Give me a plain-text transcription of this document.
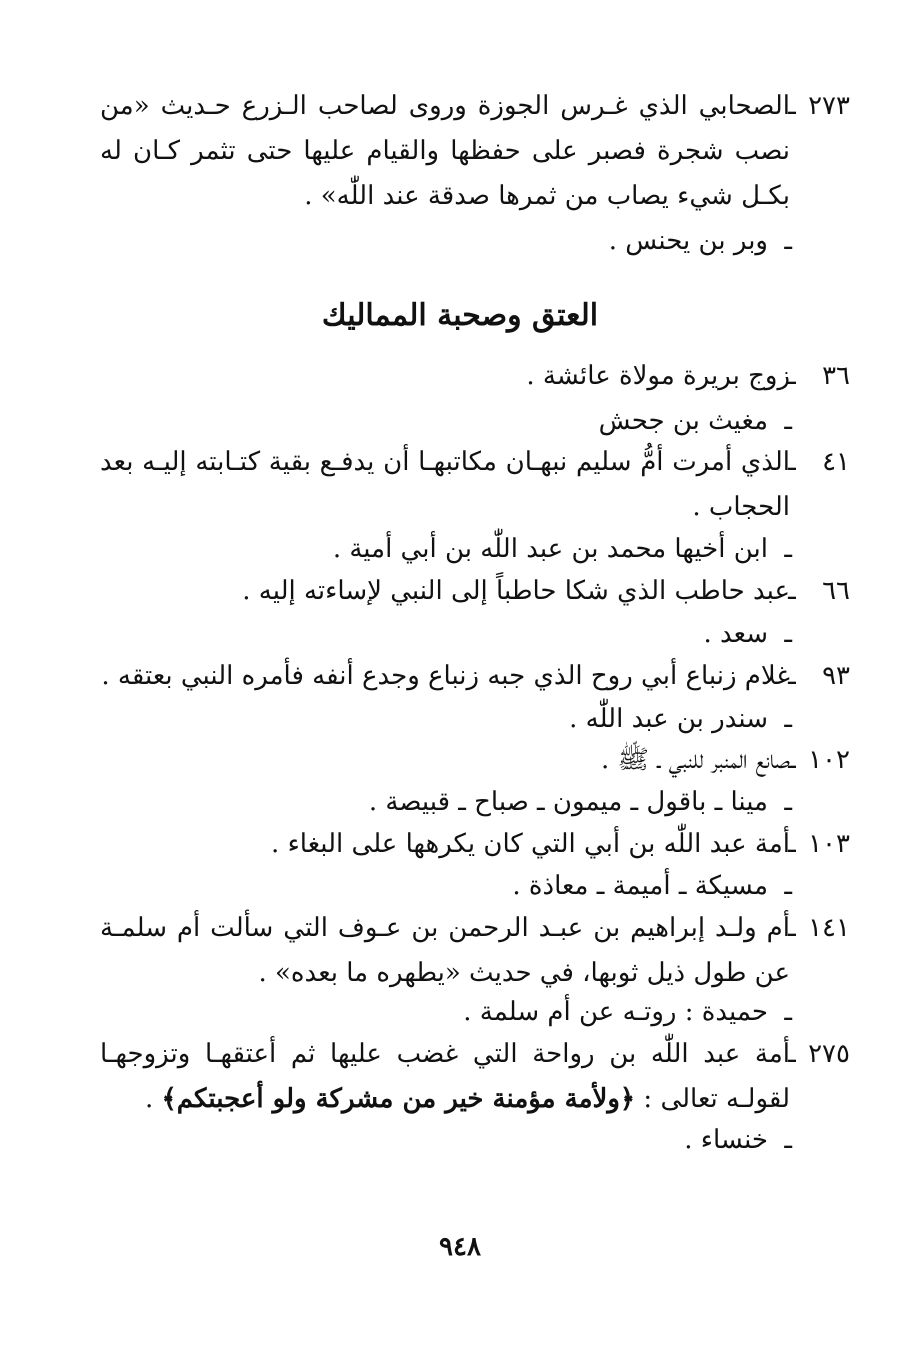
٢٧٣ ـ
الصحابي الذي غـرس الجوزة وروى لصاحب الـزرع حـديث «من نصب شجرة فصبر على حفظها والقيام عليها حتى تثمر كـان له بكـل شيء يصاب من ثمرها صدقة عند اللّٰه» .
ـوبر بن يحنس .
العتق وصحبة المماليك
٣٦ ـ
زوج بريرة مولاة عائشة .
ـمغيث بن جحش
٤١ ـ
الذي أمرت أمُّ سليم نبهـان مكاتبهـا أن يدفـع بقية كتـابته إليـه بعد الحجاب .
ـابن أخيها محمد بن عبد اللّٰه بن أبي أمية .
٦٦ ـ
عبد حاطب الذي شكا حاطباً إلى النبي لإساءته إليه .
ـسعد .
٩٣ ـ
غلام زنباع أبي روح الذي جبه زنباع وجدع أنفه فأمره النبي بعتقه .
ـسندر بن عبد اللّٰه .
١٠٢ ـ
صانع المنبر للنبي ـ ﷺ .
ـمينا ـ باقول ـ ميمون ـ صباح ـ قبيصة .
١٠٣ ـ
أمة عبد اللّٰه بن أبي التي كان يكرهها على البغاء .
ـمسيكة ـ أميمة ـ معاذة .
١٤١ ـ
أم ولـد إبراهيم بن عبـد الرحمن بن عـوف التي سألت أم سلمـة عن طول ذيل ثوبها، في حديث «يطهره ما بعده» .
ـحميدة : روتـه عن أم سلمة .
٢٧٥ ـ
أمة عبد اللّٰه بن رواحة التي غضب عليها ثم أعتقهـا وتزوجهـا لقولـه تعالى : ﴿ولأمة مؤمنة خير من مشركة ولو أعجبتكم﴾ .
ـخنساء .
٩٤٨
